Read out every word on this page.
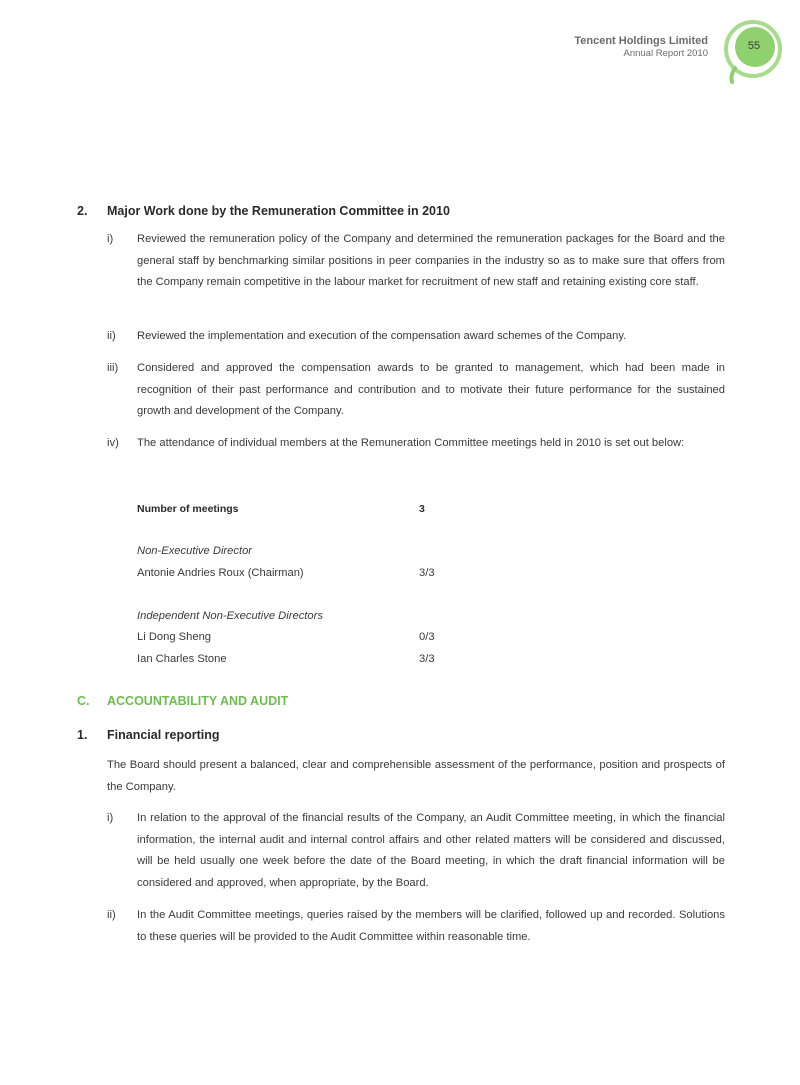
Tencent Holdings Limited
Annual Report 2010
55
2. Major Work done by the Remuneration Committee in 2010
i)	Reviewed the remuneration policy of the Company and determined the remuneration packages for the Board and the general staff by benchmarking similar positions in peer companies in the industry so as to make sure that offers from the Company remain competitive in the labour market for recruitment of new staff and retaining existing core staff.
ii)	Reviewed the implementation and execution of the compensation award schemes of the Company.
iii)	Considered and approved the compensation awards to be granted to management, which had been made in recognition of their past performance and contribution and to motivate their future performance for the sustained growth and development of the Company.
iv)	The attendance of individual members at the Remuneration Committee meetings held in 2010 is set out below:
Number of meetings	3
Non-Executive Director
Antonie Andries Roux (Chairman)	3/3
Independent Non-Executive Directors
Li Dong Sheng	0/3
Ian Charles Stone	3/3
C. ACCOUNTABILITY AND AUDIT
1. Financial reporting
The Board should present a balanced, clear and comprehensible assessment of the performance, position and prospects of the Company.
i)	In relation to the approval of the financial results of the Company, an Audit Committee meeting, in which the financial information, the internal audit and internal control affairs and other related matters will be considered and discussed, will be held usually one week before the date of the Board meeting, in which the draft financial information will be considered and approved, when appropriate, by the Board.
ii)	In the Audit Committee meetings, queries raised by the members will be clarified, followed up and recorded. Solutions to these queries will be provided to the Audit Committee within reasonable time.
